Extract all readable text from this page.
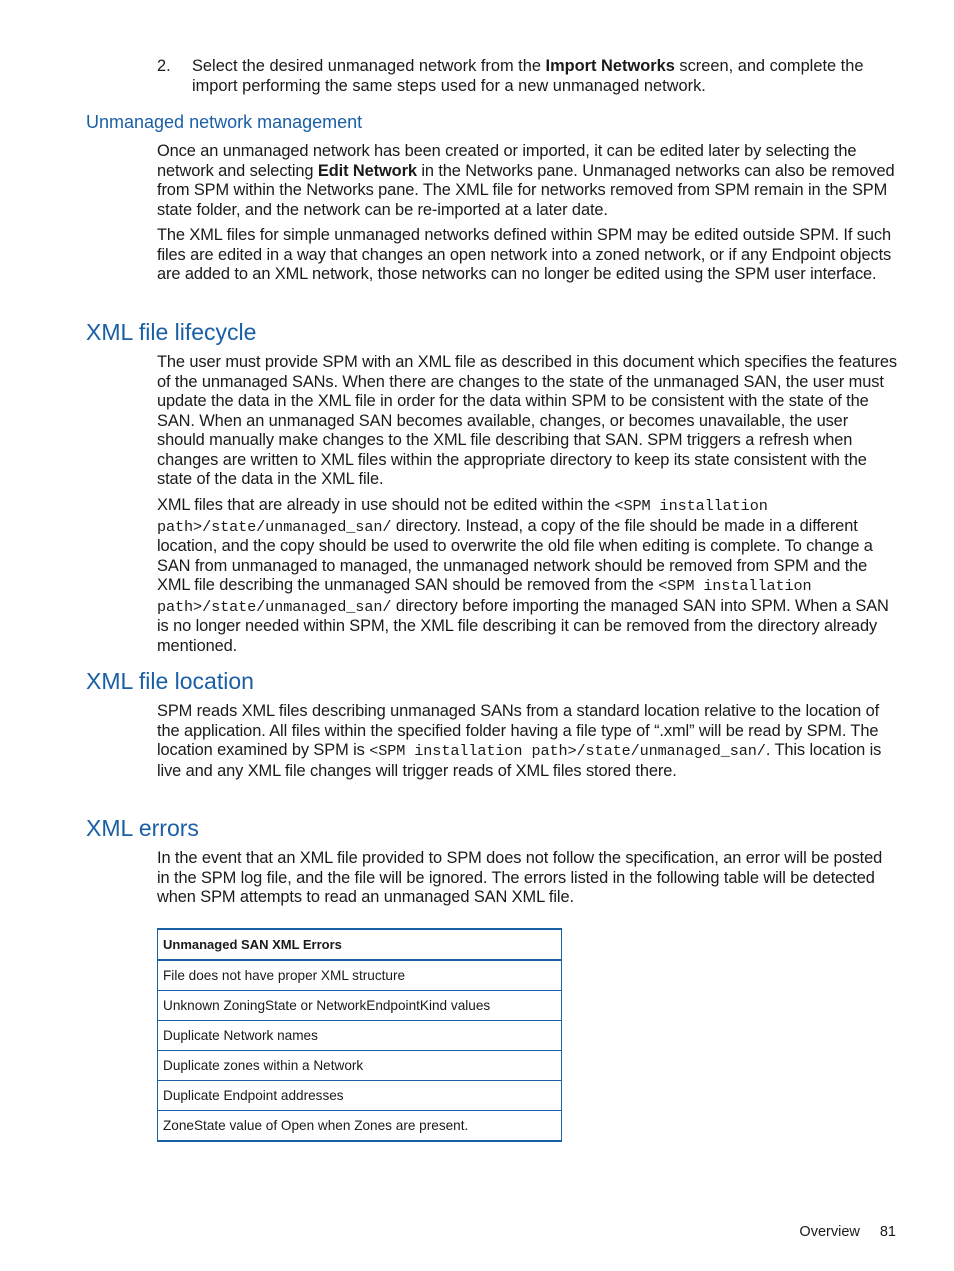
2.	Select the desired unmanaged network from the Import Networks screen, and complete the import performing the same steps used for a new unmanaged network.
Unmanaged network management

Once an unmanaged network has been created or imported, it can be edited later by selecting the network and selecting Edit Network in the Networks pane. Unmanaged networks can also be removed from SPM within the Networks pane. The XML file for networks removed from SPM remain in the SPM state folder, and the network can be re-imported at a later date.

The XML files for simple unmanaged networks defined within SPM may be edited outside SPM. If such files are edited in a way that changes an open network into a zoned network, or if any Endpoint objects are added to an XML network, those networks can no longer be edited using the SPM user interface.

XML file lifecycle

The user must provide SPM with an XML file as described in this document which specifies the features of the unmanaged SANs. When there are changes to the state of the unmanaged SAN, the user must update the data in the XML file in order for the data within SPM to be consistent with the state of the SAN. When an unmanaged SAN becomes available, changes, or becomes unavailable, the user should manually make changes to the XML file describing that SAN. SPM triggers a refresh when changes are written to XML files within the appropriate directory to keep its state consistent with the state of the data in the XML file.

XML files that are already in use should not be edited within the <SPM installation path>/state/unmanaged_san/ directory. Instead, a copy of the file should be made in a different location, and the copy should be used to overwrite the old file when editing is complete. To change a SAN from unmanaged to managed, the unmanaged network should be removed from SPM and the XML file describing the unmanaged SAN should be removed from the <SPM installation path>/state/unmanaged_san/ directory before importing the managed SAN into SPM. When a SAN is no longer needed within SPM, the XML file describing it can be removed from the directory already mentioned.

XML file location

SPM reads XML files describing unmanaged SANs from a standard location relative to the location of the application. All files within the specified folder having a file type of “.xml” will be read by SPM. The location examined by SPM is <SPM installation path>/state/unmanaged_san/. This location is live and any XML file changes will trigger reads of XML files stored there.

XML errors

In the event that an XML file provided to SPM does not follow the specification, an error will be posted in the SPM log file, and the file will be ignored. The errors listed in the following table will be detected when SPM attempts to read an unmanaged SAN XML file.

Unmanaged SAN XML Errors
File does not have proper XML structure
Unknown ZoningState or NetworkEndpointKind values
Duplicate Network names
Duplicate zones within a Network
Duplicate Endpoint addresses
ZoneState value of Open when Zones are present.
Overview 81
